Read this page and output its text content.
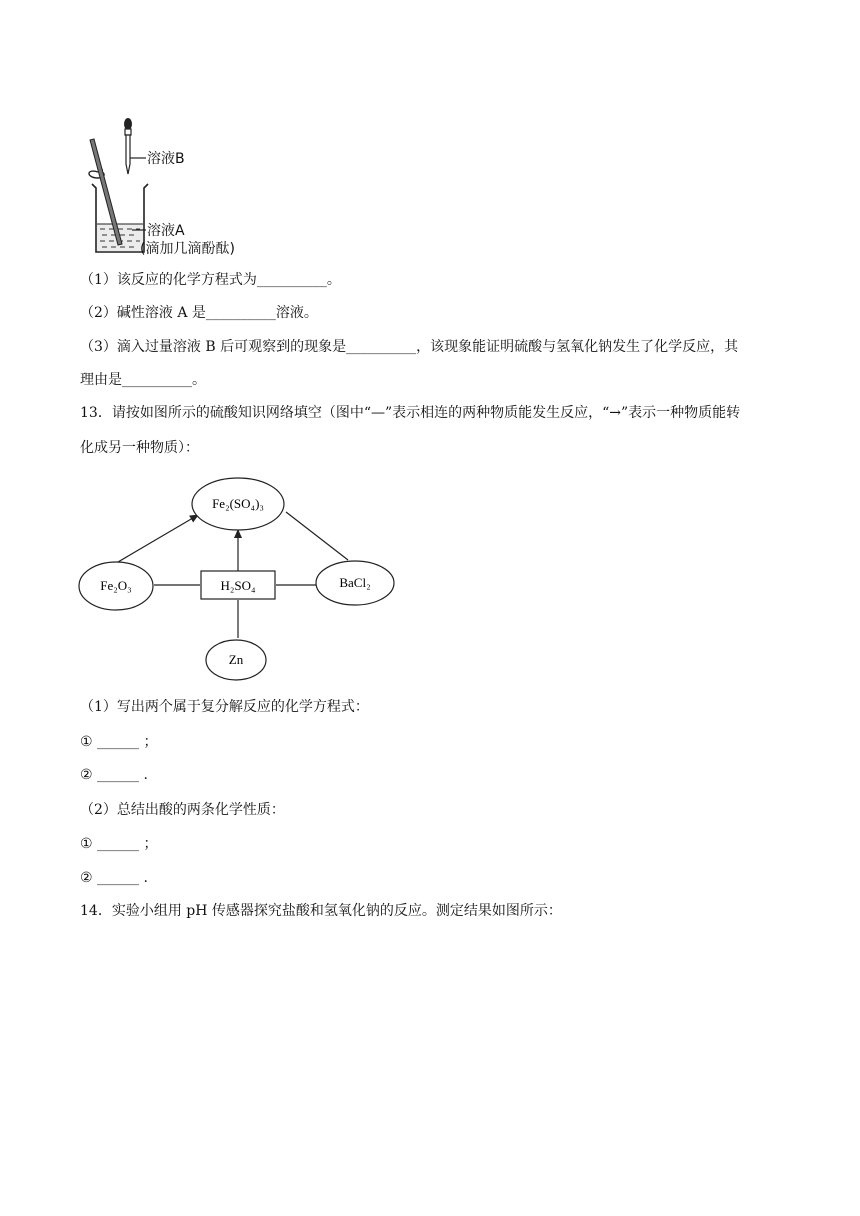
溶液B
溶液A
(滴加几滴酚酞)
（1）该反应的化学方程式为__________。
（2）碱性溶液 A 是__________溶液。
（3）滴入过量溶液 B 后可观察到的现象是__________，该现象能证明硫酸与氢氧化钠发生了化学反应，其
理由是__________。
13．请按如图所示的硫酸知识网络填空（图中“—”表示相连的两种物质能发生反应，“→”表示一种物质能转
化成另一种物质）：
Fe₂(SO₄)₃
Fe₂O₃	H₂SO₄	BaCl₂
Zn
（1）写出两个属于复分解反应的化学方程式：
① ______ ；
② ______ .
（2）总结出酸的两条化学性质：
① ______ ；
② ______ .
14．实验小组用 pH 传感器探究盐酸和氢氧化钠的反应。测定结果如图所示：
